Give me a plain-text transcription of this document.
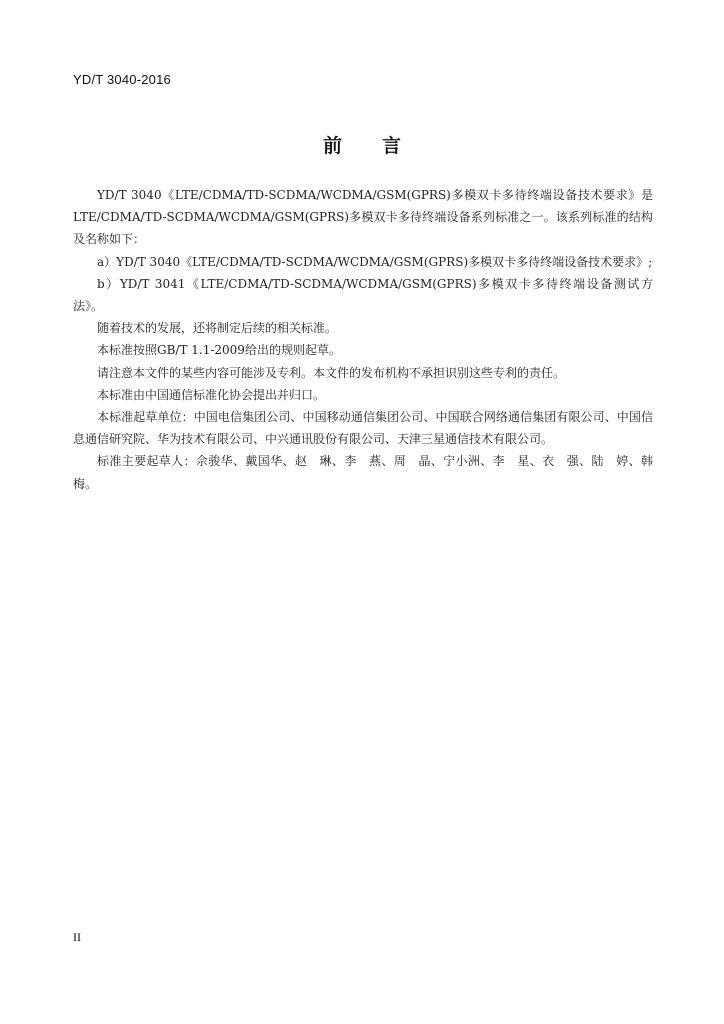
YD/T 3040-2016
前 言

YD/T 3040《LTE/CDMA/TD-SCDMA/WCDMA/GSM(GPRS)多模双卡多待终端设备技术要求》是LTE/CDMA/TD-SCDMA/WCDMA/GSM(GPRS)多模双卡多待终端设备系列标准之一。该系列标准的结构及名称如下：

a）YD/T 3040《LTE/CDMA/TD-SCDMA/WCDMA/GSM(GPRS)多模双卡多待终端设备技术要求》;

b）YD/T 3041《LTE/CDMA/TD-SCDMA/WCDMA/GSM(GPRS)多模双卡多待终端设备测试方法》。

随着技术的发展，还将制定后续的相关标准。

本标准按照GB/T 1.1-2009给出的规则起草。

请注意本文件的某些内容可能涉及专利。本文件的发布机构不承担识别这些专利的责任。

本标准由中国通信标准化协会提出并归口。

本标准起草单位：中国电信集团公司、中国移动通信集团公司、中国联合网络通信集团有限公司、中国信息通信研究院、华为技术有限公司、中兴通讯股份有限公司、天津三星通信技术有限公司。

标准主要起草人：佘骏华、戴国华、赵　琳、李　燕、周　晶、宁小洲、李　星、衣　强、陆　婷、韩　梅。

II
